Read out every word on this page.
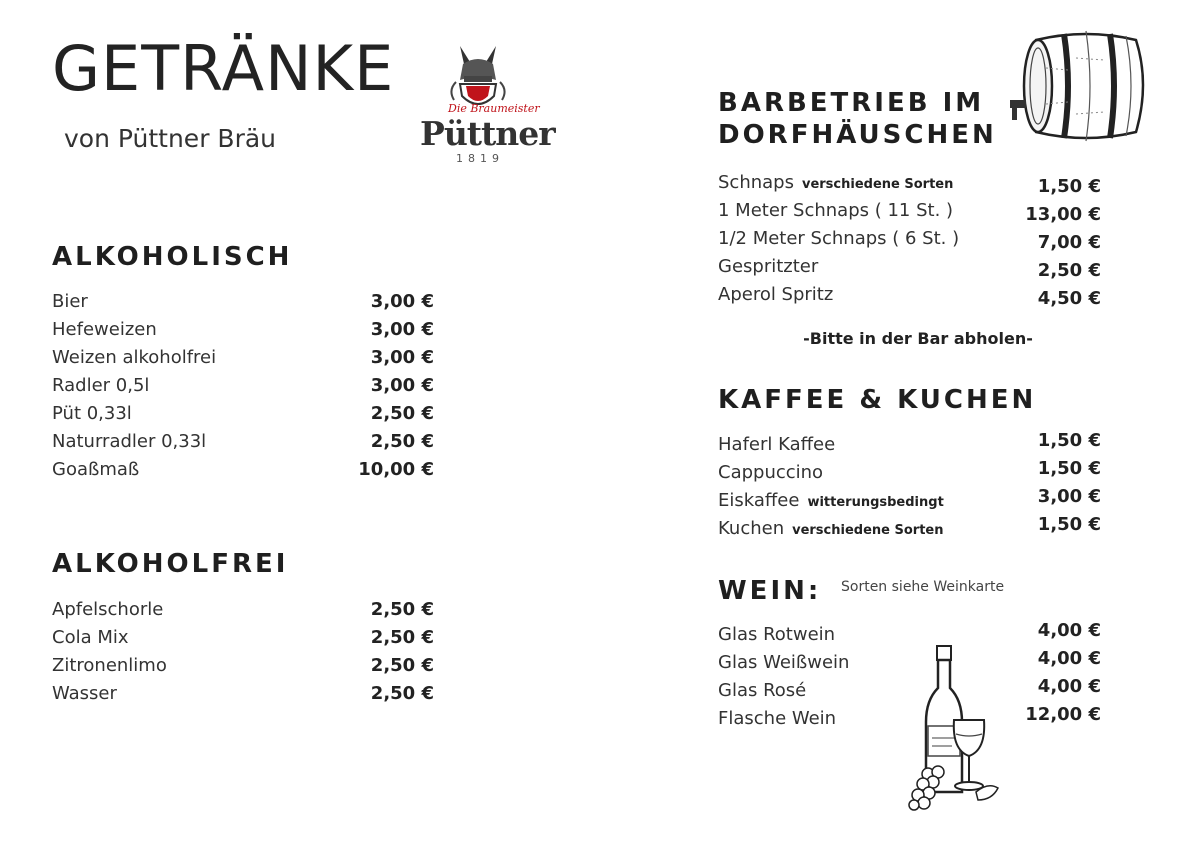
GETRÄNKE
von Püttner Bräu
Die Braumeister
Püttner
1819
ALKOHOLISCH
Bier	3,00 €
Hefeweizen	3,00 €
Weizen alkoholfrei	3,00 €
Radler 0,5l	3,00 €
Püt 0,33l	2,50 €
Naturradler 0,33l	2,50 €
Goaßmaß	10,00 €
ALKOHOLFREI
Apfelschorle	2,50 €
Cola Mix	2,50 €
Zitronenlimo	2,50 €
Wasser	2,50 €
BARBETRIEB IM
DORFHÄUSCHEN
Schnaps verschiedene Sorten	1,50 €
1 Meter Schnaps ( 11 St. )	13,00 €
1/2 Meter Schnaps ( 6 St. )	7,00 €
Gespritzter	2,50 €
Aperol Spritz	4,50 €
-Bitte in der Bar abholen-
KAFFEE & KUCHEN
Haferl Kaffee	1,50 €
Cappuccino	1,50 €
Eiskaffee witterungsbedingt	3,00 €
Kuchen verschiedene Sorten	1,50 €
WEIN: Sorten siehe Weinkarte
Glas Rotwein	4,00 €
Glas Weißwein	4,00 €
Glas Rosé	4,00 €
Flasche Wein	12,00 €
